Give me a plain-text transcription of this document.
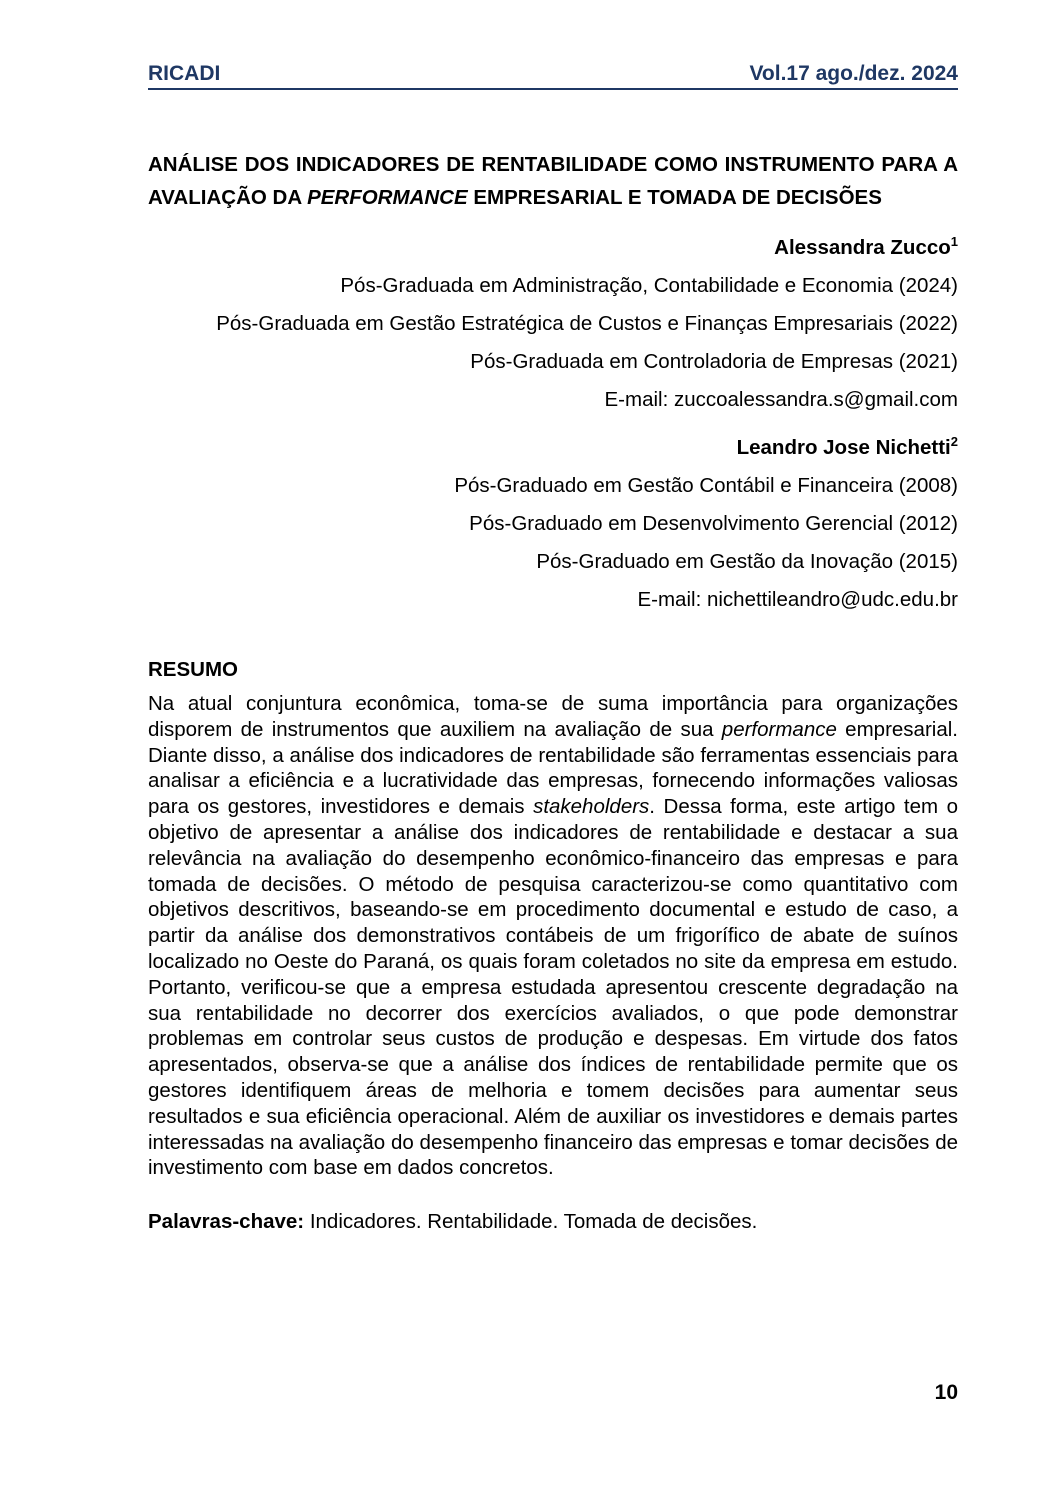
RICADI	Vol.17 ago./dez. 2024
ANÁLISE DOS INDICADORES DE RENTABILIDADE COMO INSTRUMENTO PARA A AVALIAÇÃO DA PERFORMANCE EMPRESARIAL E TOMADA DE DECISÕES
Alessandra Zucco$^1$
Pós-Graduada em Administração, Contabilidade e Economia (2024)
Pós-Graduada em Gestão Estratégica de Custos e Finanças Empresariais (2022)
Pós-Graduada em Controladoria de Empresas (2021)
E-mail: zuccoalessandra.s@gmail.com
Leandro Jose Nichetti$^2$
Pós-Graduado em Gestão Contábil e Financeira (2008)
Pós-Graduado em Desenvolvimento Gerencial (2012)
Pós-Graduado em Gestão da Inovação (2015)
E-mail: nichettileandro@udc.edu.br
RESUMO
Na atual conjuntura econômica, toma-se de suma importância para organizações disporem de instrumentos que auxiliem na avaliação de sua performance empresarial. Diante disso, a análise dos indicadores de rentabilidade são ferramentas essenciais para analisar a eficiência e a lucratividade das empresas, fornecendo informações valiosas para os gestores, investidores e demais stakeholders. Dessa forma, este artigo tem o objetivo de apresentar a análise dos indicadores de rentabilidade e destacar a sua relevância na avaliação do desempenho econômico-financeiro das empresas e para tomada de decisões. O método de pesquisa caracterizou-se como quantitativo com objetivos descritivos, baseando-se em procedimento documental e estudo de caso, a partir da análise dos demonstrativos contábeis de um frigorífico de abate de suínos localizado no Oeste do Paraná, os quais foram coletados no site da empresa em estudo. Portanto, verificou-se que a empresa estudada apresentou crescente degradação na sua rentabilidade no decorrer dos exercícios avaliados, o que pode demonstrar problemas em controlar seus custos de produção e despesas. Em virtude dos fatos apresentados, observa-se que a análise dos índices de rentabilidade permite que os gestores identifiquem áreas de melhoria e tomem decisões para aumentar seus resultados e sua eficiência operacional. Além de auxiliar os investidores e demais partes interessadas na avaliação do desempenho financeiro das empresas e tomar decisões de investimento com base em dados concretos.
Palavras-chave: Indicadores. Rentabilidade. Tomada de decisões.
10
